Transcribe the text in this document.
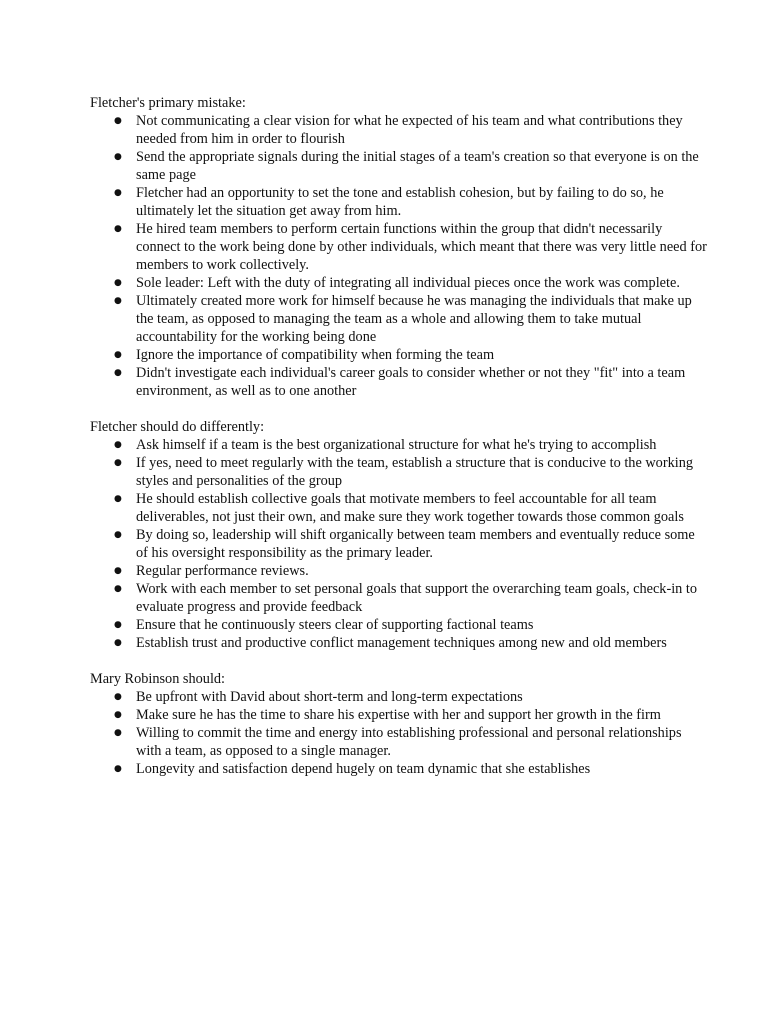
Fletcher's primary mistake:

● Not communicating a clear vision for what he expected of his team and what contributions they needed from him in order to flourish
● Send the appropriate signals during the initial stages of a team's creation so that everyone is on the same page
● Fletcher had an opportunity to set the tone and establish cohesion, but by failing to do so, he ultimately let the situation get away from him.
● He hired team members to perform certain functions within the group that didn't necessarily connect to the work being done by other individuals, which meant that there was very little need for members to work collectively.
● Sole leader: Left with the duty of integrating all individual pieces once the work was complete.
● Ultimately created more work for himself because he was managing the individuals that make up the team, as opposed to managing the team as a whole and allowing them to take mutual accountability for the working being done
● Ignore the importance of compatibility when forming the team
● Didn't investigate each individual's career goals to consider whether or not they "fit" into a team environment, as well as to one another

Fletcher should do differently:

● Ask himself if a team is the best organizational structure for what he's trying to accomplish
● If yes, need to meet regularly with the team, establish a structure that is conducive to the working styles and personalities of the group
● He should establish collective goals that motivate members to feel accountable for all team deliverables, not just their own, and make sure they work together towards those common goals
● By doing so, leadership will shift organically between team members and eventually reduce some of his oversight responsibility as the primary leader.
● Regular performance reviews.
● Work with each member to set personal goals that support the overarching team goals, check-in to evaluate progress and provide feedback
● Ensure that he continuously steers clear of supporting factional teams
● Establish trust and productive conflict management techniques among new and old members

Mary Robinson should:

● Be upfront with David about short-term and long-term expectations
● Make sure he has the time to share his expertise with her and support her growth in the firm
● Willing to commit the time and energy into establishing professional and personal relationships with a team, as opposed to a single manager.
● Longevity and satisfaction depend hugely on team dynamic that she establishes
